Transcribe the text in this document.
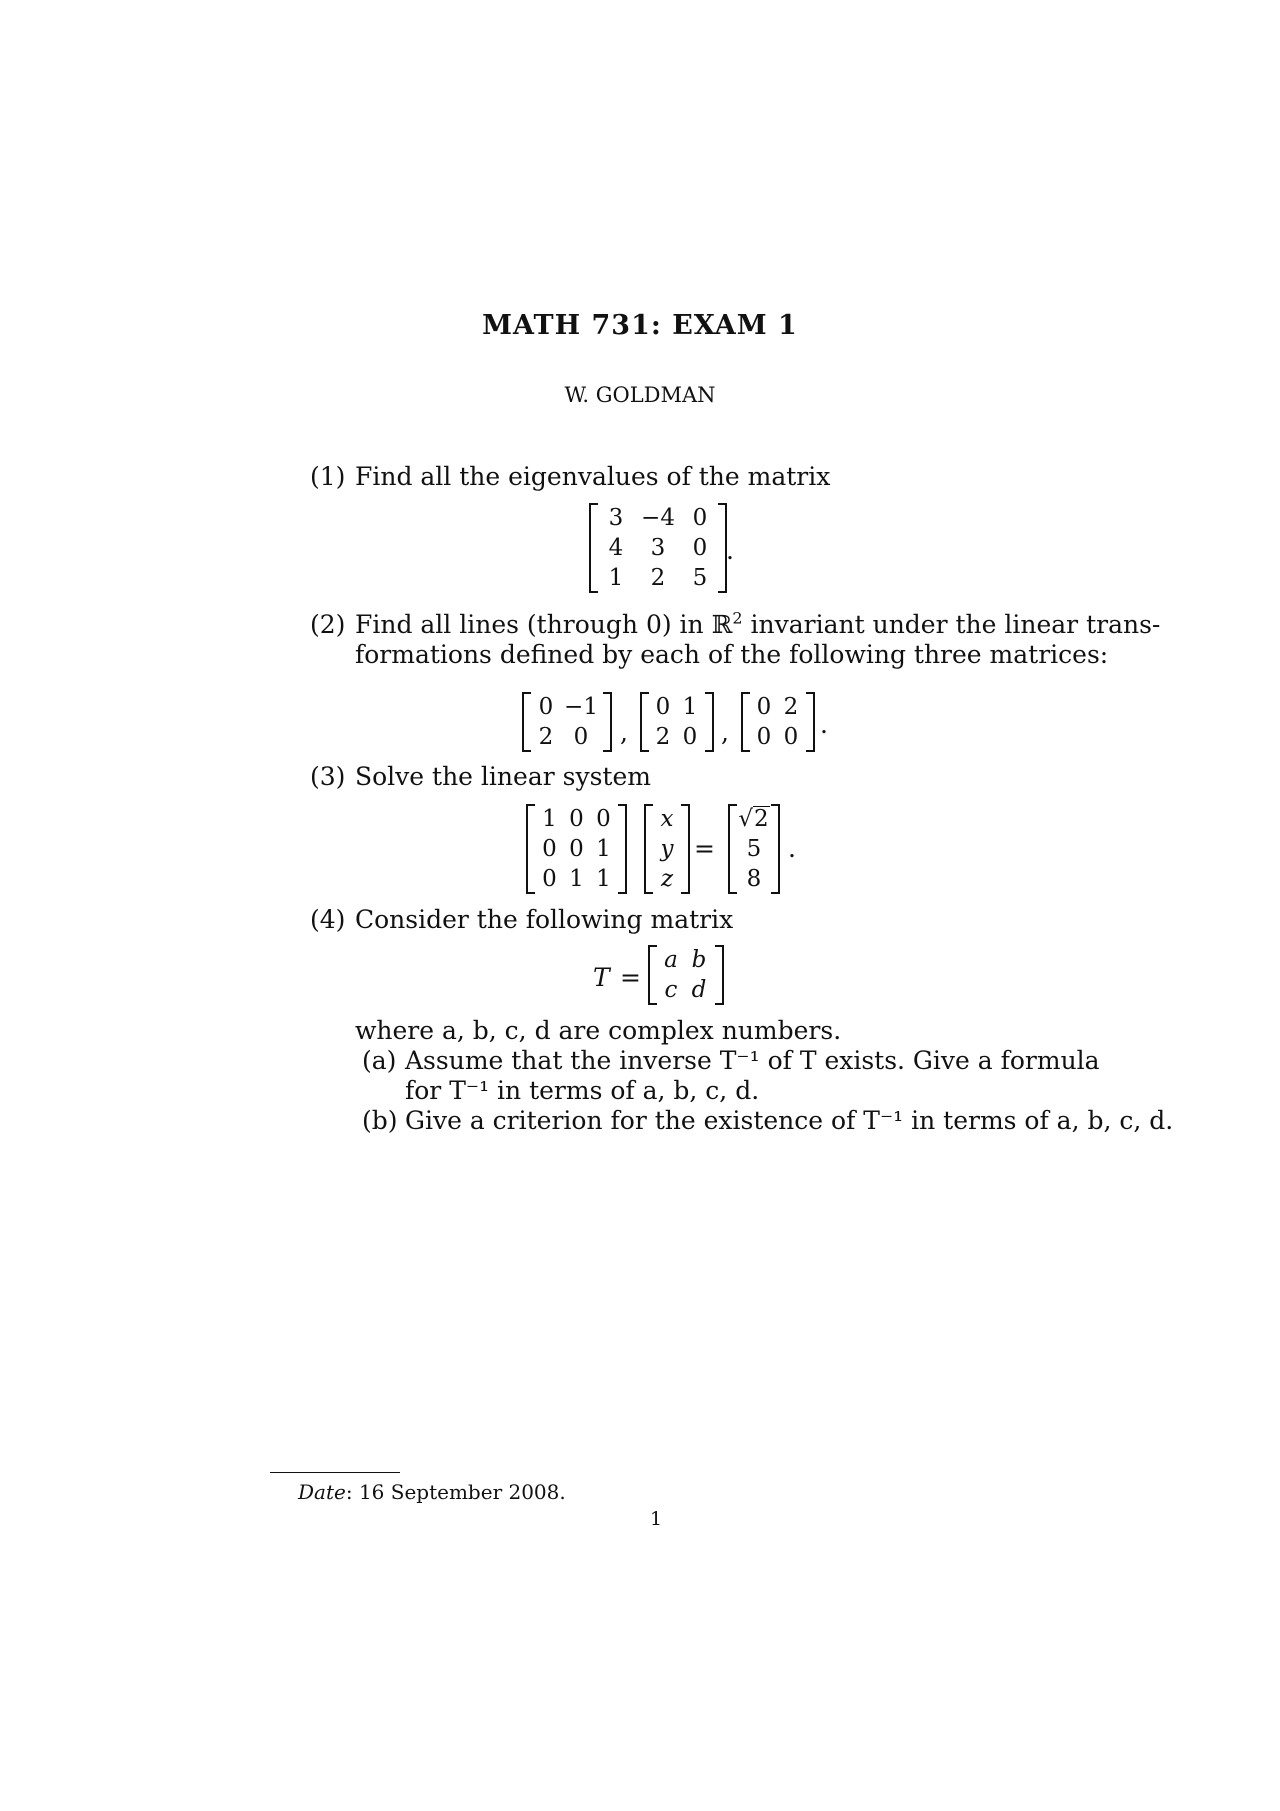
MATH 731: EXAM 1
W. GOLDMAN
(1) Find all the eigenvalues of the matrix
3	−4	0
4	3	0
1	2	5
.
(2) Find all lines (through 0) in ℝ$^2$ invariant under the linear trans-
formations defined by each of the following three matrices:
0	−1
2	0 ,
0	1
2	0 ,
0	2
0	0 .
(3) Solve the linear system
1	0	0
0	0	1
0	1	1
x
y
z
=
√2
5
8
.
(4) Consider the following matrix
T =
a	b
c	d
where a, b, c, d are complex numbers.
(a) Assume that the inverse T⁻¹ of T exists. Give a formula
for T⁻¹ in terms of a, b, c, d.
(b) Give a criterion for the existence of T⁻¹ in terms of a, b, c, d.
Date: 16 September 2008.
1
